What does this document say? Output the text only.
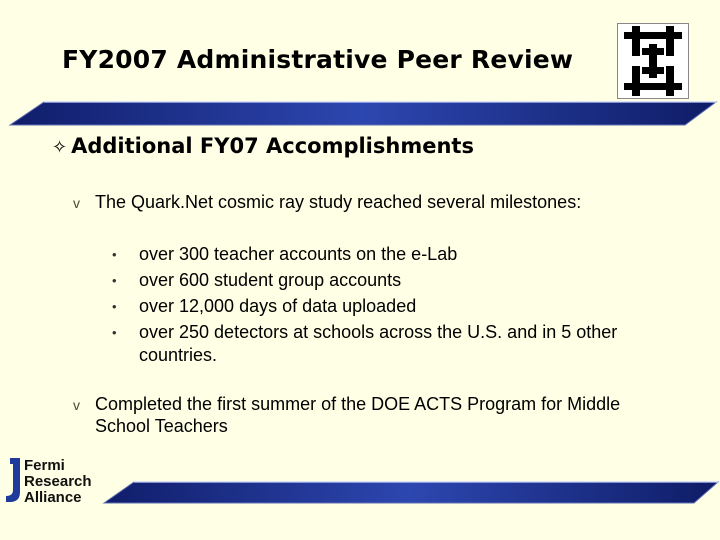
FY2007 Administrative Peer Review
✧ Additional FY07 Accomplishments
v The Quark.Net cosmic ray study reached several milestones:
• over 300 teacher accounts on the e-Lab
• over 600 student group accounts
• over 12,000 days of data uploaded
• over 250 detectors at schools across the U.S. and in 5 other countries.
v Completed the first summer of the DOE ACTS Program for Middle School Teachers
Fermi
Research
Alliance
